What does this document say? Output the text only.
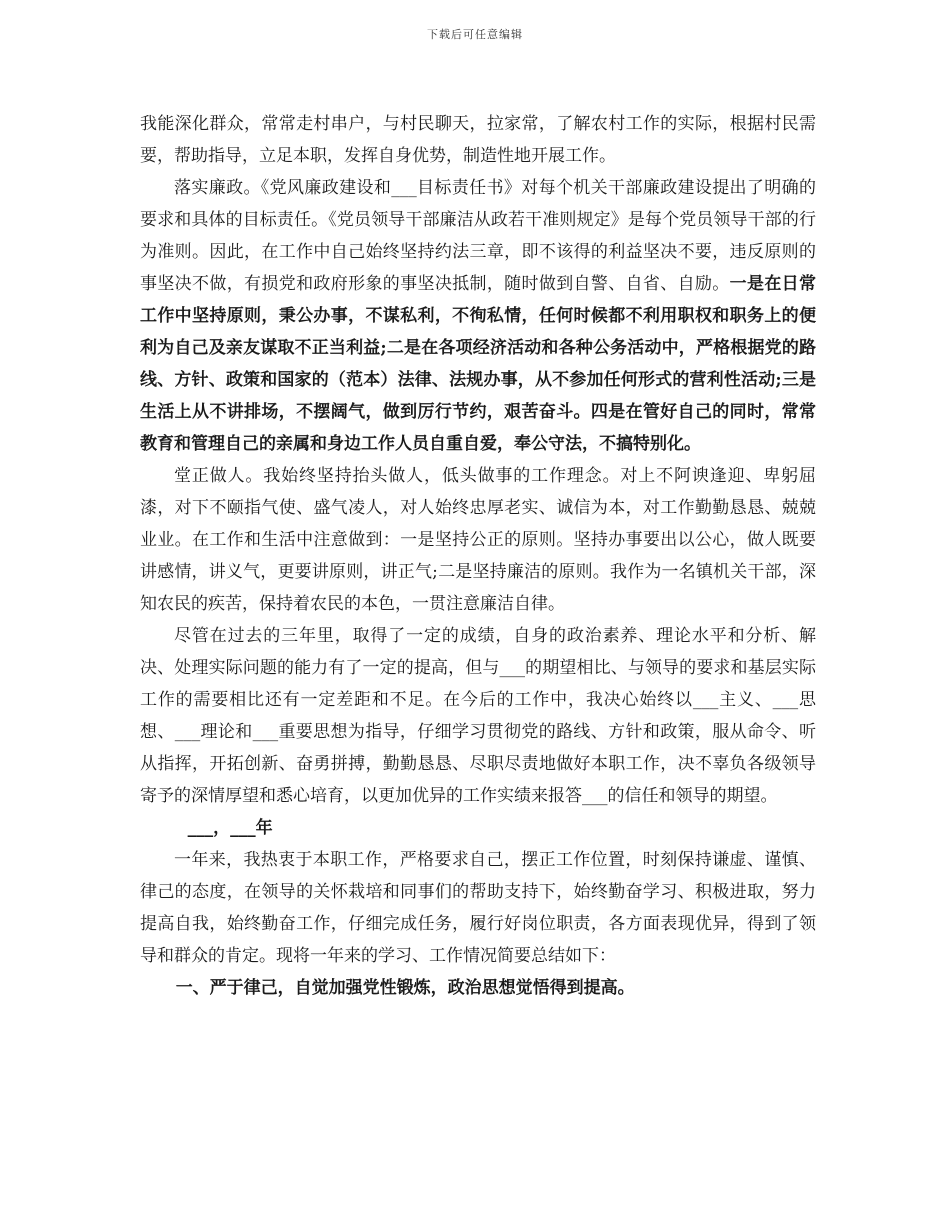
下载后可任意编辑

我能深化群众，常常走村串户，与村民聊天，拉家常，了解农村工作的实际，根据村民需要，帮助指导，立足本职，发挥自身优势，制造性地开展工作。

落实廉政。《党风廉政建设和___目标责任书》对每个机关干部廉政建设提出了明确的要求和具体的目标责任。《党员领导干部廉洁从政若干准则规定》是每个党员领导干部的行为准则。因此，在工作中自己始终坚持约法三章，即不该得的利益坚决不要，违反原则的事坚决不做，有损党和政府形象的事坚决抵制，随时做到自警、自省、自励。一是在日常工作中坚持原则，秉公办事，不谋私利，不徇私情，任何时候都不利用职权和职务上的便利为自己及亲友谋取不正当利益;二是在各项经济活动和各种公务活动中，严格根据党的路线、方针、政策和国家的（范本）法律、法规办事，从不参加任何形式的营利性活动;三是生活上从不讲排场，不摆阔气，做到厉行节约，艰苦奋斗。四是在管好自己的同时，常常教育和管理自己的亲属和身边工作人员自重自爱，奉公守法，不搞特别化。

堂正做人。我始终坚持抬头做人，低头做事的工作理念。对上不阿谀逢迎、卑躬屈漆，对下不颐指气使、盛气凌人，对人始终忠厚老实、诚信为本，对工作勤勤恳恳、兢兢业业。在工作和生活中注意做到：一是坚持公正的原则。坚持办事要出以公心，做人既要讲感情，讲义气，更要讲原则，讲正气;二是坚持廉洁的原则。我作为一名镇机关干部，深知农民的疾苦，保持着农民的本色，一贯注意廉洁自律。

尽管在过去的三年里，取得了一定的成绩，自身的政治素养、理论水平和分析、解决、处理实际问题的能力有了一定的提高，但与___的期望相比、与领导的要求和基层实际工作的需要相比还有一定差距和不足。在今后的工作中，我决心始终以___主义、___思想、___理论和___重要思想为指导，仔细学习贯彻党的路线、方针和政策，服从命令、听从指挥，开拓创新、奋勇拼搏，勤勤恳恳、尽职尽责地做好本职工作，决不辜负各级领导寄予的深情厚望和悉心培育，以更加优异的工作实绩来报答___的信任和领导的期望。

___，___年

一年来，我热衷于本职工作，严格要求自己，摆正工作位置，时刻保持谦虚、谨慎、律己的态度，在领导的关怀栽培和同事们的帮助支持下，始终勤奋学习、积极进取，努力提高自我，始终勤奋工作，仔细完成任务，履行好岗位职责，各方面表现优异，得到了领导和群众的肯定。现将一年来的学习、工作情况简要总结如下：

一、严于律己，自觉加强党性锻炼，政治思想觉悟得到提高。
